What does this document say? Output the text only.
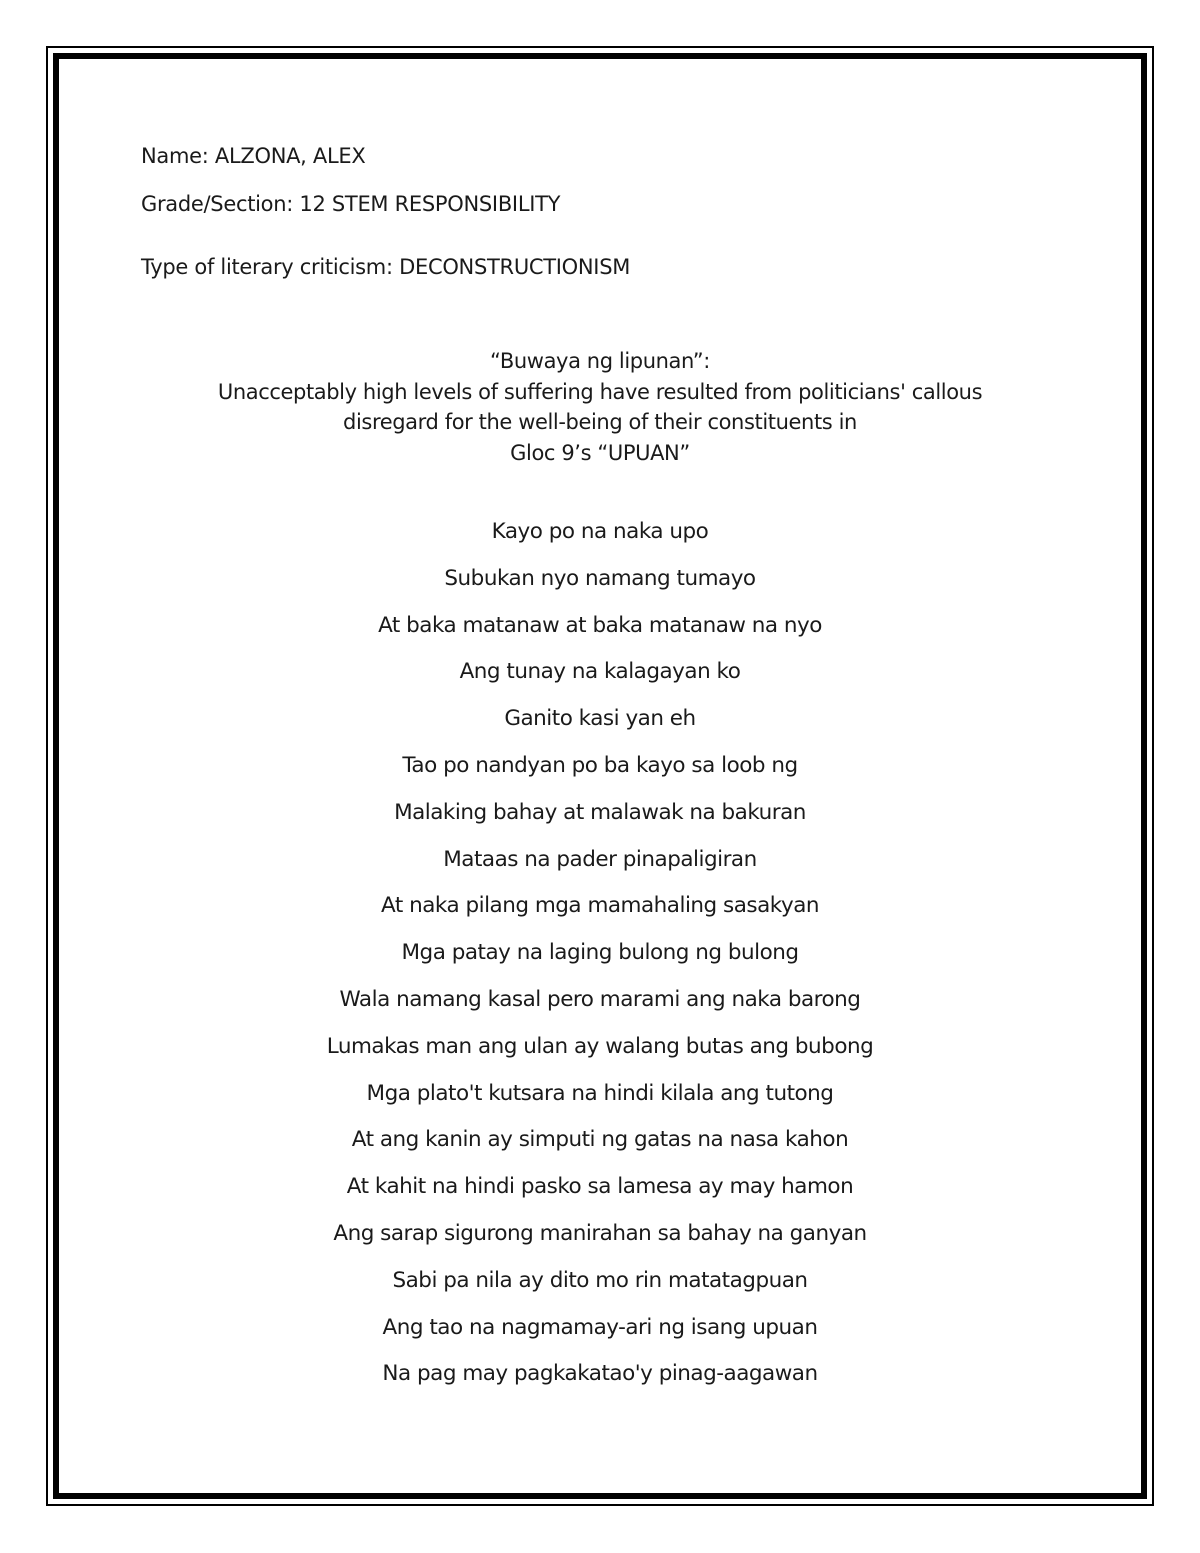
Name: ALZONA, ALEX
Grade/Section: 12 STEM RESPONSIBILITY
Type of literary criticism: DECONSTRUCTIONISM
“Buwaya ng lipunan”:
Unacceptably high levels of suffering have resulted from politicians' callous
disregard for the well-being of their constituents in
Gloc 9’s “UPUAN”
Kayo po na naka upo
Subukan nyo namang tumayo
At baka matanaw at baka matanaw na nyo
Ang tunay na kalagayan ko
Ganito kasi yan eh
Tao po nandyan po ba kayo sa loob ng
Malaking bahay at malawak na bakuran
Mataas na pader pinapaligiran
At naka pilang mga mamahaling sasakyan
Mga patay na laging bulong ng bulong
Wala namang kasal pero marami ang naka barong
Lumakas man ang ulan ay walang butas ang bubong
Mga plato't kutsara na hindi kilala ang tutong
At ang kanin ay simputi ng gatas na nasa kahon
At kahit na hindi pasko sa lamesa ay may hamon
Ang sarap sigurong manirahan sa bahay na ganyan
Sabi pa nila ay dito mo rin matatagpuan
Ang tao na nagmamay-ari ng isang upuan
Na pag may pagkakatao'y pinag-aagawan
